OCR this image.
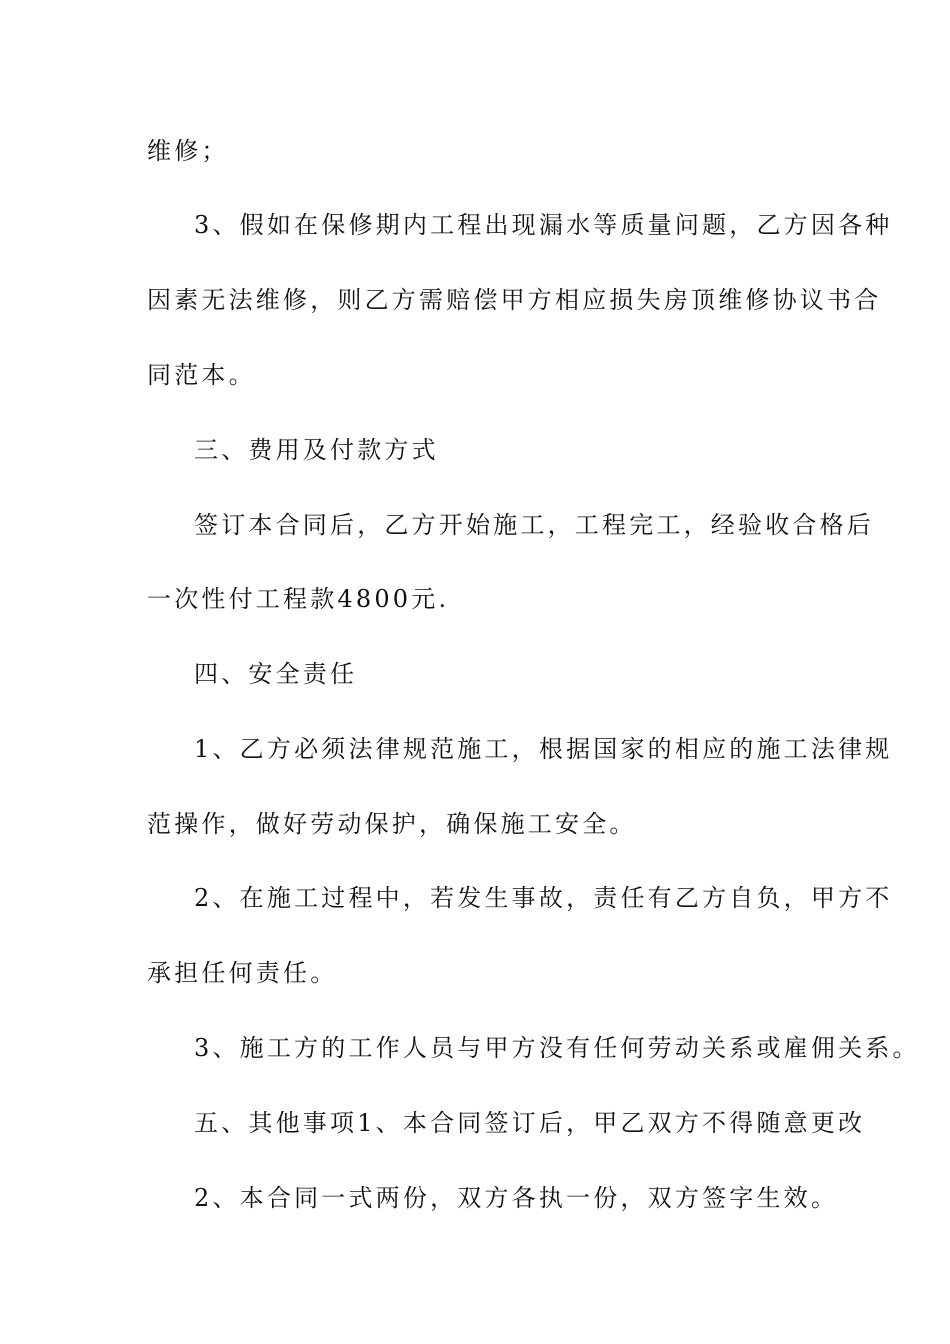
维修；
3、假如在保修期内工程出现漏水等质量问题，乙方因各种
因素无法维修，则乙方需赔偿甲方相应损失房顶维修协议书合
同范本。
三、费用及付款方式
签订本合同后，乙方开始施工，工程完工，经验收合格后
一次性付工程款4800元.
四、安全责任
1、乙方必须法律规范施工，根据国家的相应的施工法律规
范操作，做好劳动保护，确保施工安全。
2、在施工过程中，若发生事故，责任有乙方自负，甲方不
承担任何责任。
3、施工方的工作人员与甲方没有任何劳动关系或雇佣关系。
五、其他事项1、本合同签订后，甲乙双方不得随意更改
2、本合同一式两份，双方各执一份，双方签字生效。
